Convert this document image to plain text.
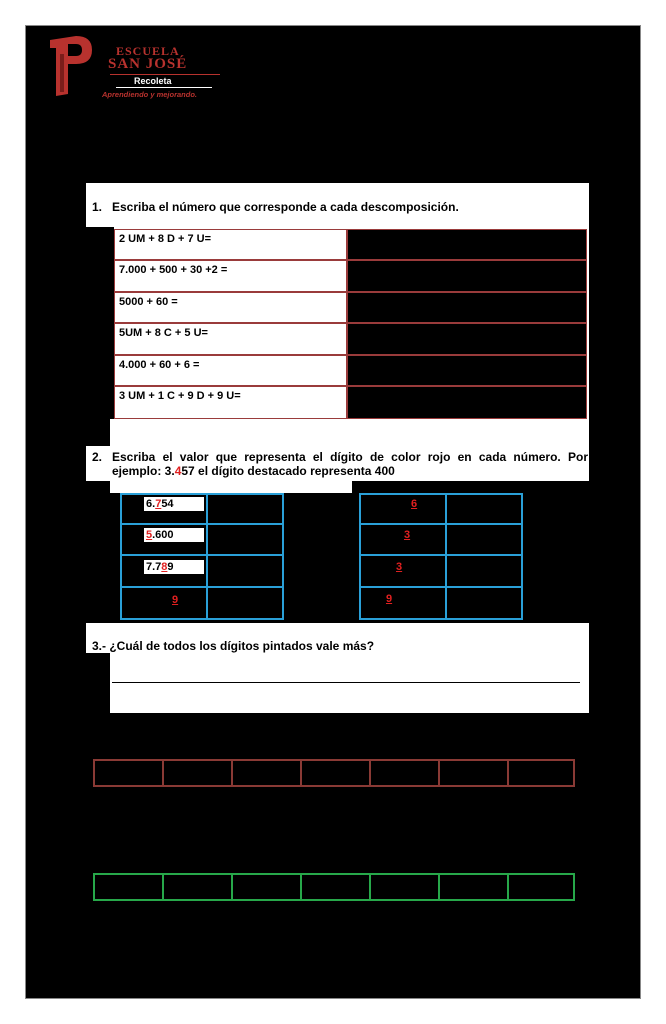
ESCUELA
SAN JOSÉ
Recoleta
Aprendiendo y mejorando.
1. Escriba el número que corresponde a cada descomposición.
2 UM + 8 D + 7 U=
7.000 + 500 + 30 +2 =
5000 + 60 =
5UM + 8 C + 5 U=
4.000 + 60 + 6 =
3 UM + 1 C + 9 D + 9 U=
2. Escriba el valor que representa el dígito de color rojo en cada número. Por
ejemplo: 3.457 el dígito destacado representa 400
6.754
5.600
7.789
9
6
3
3
9
3.- ¿Cuál de todos los dígitos pintados vale más?
